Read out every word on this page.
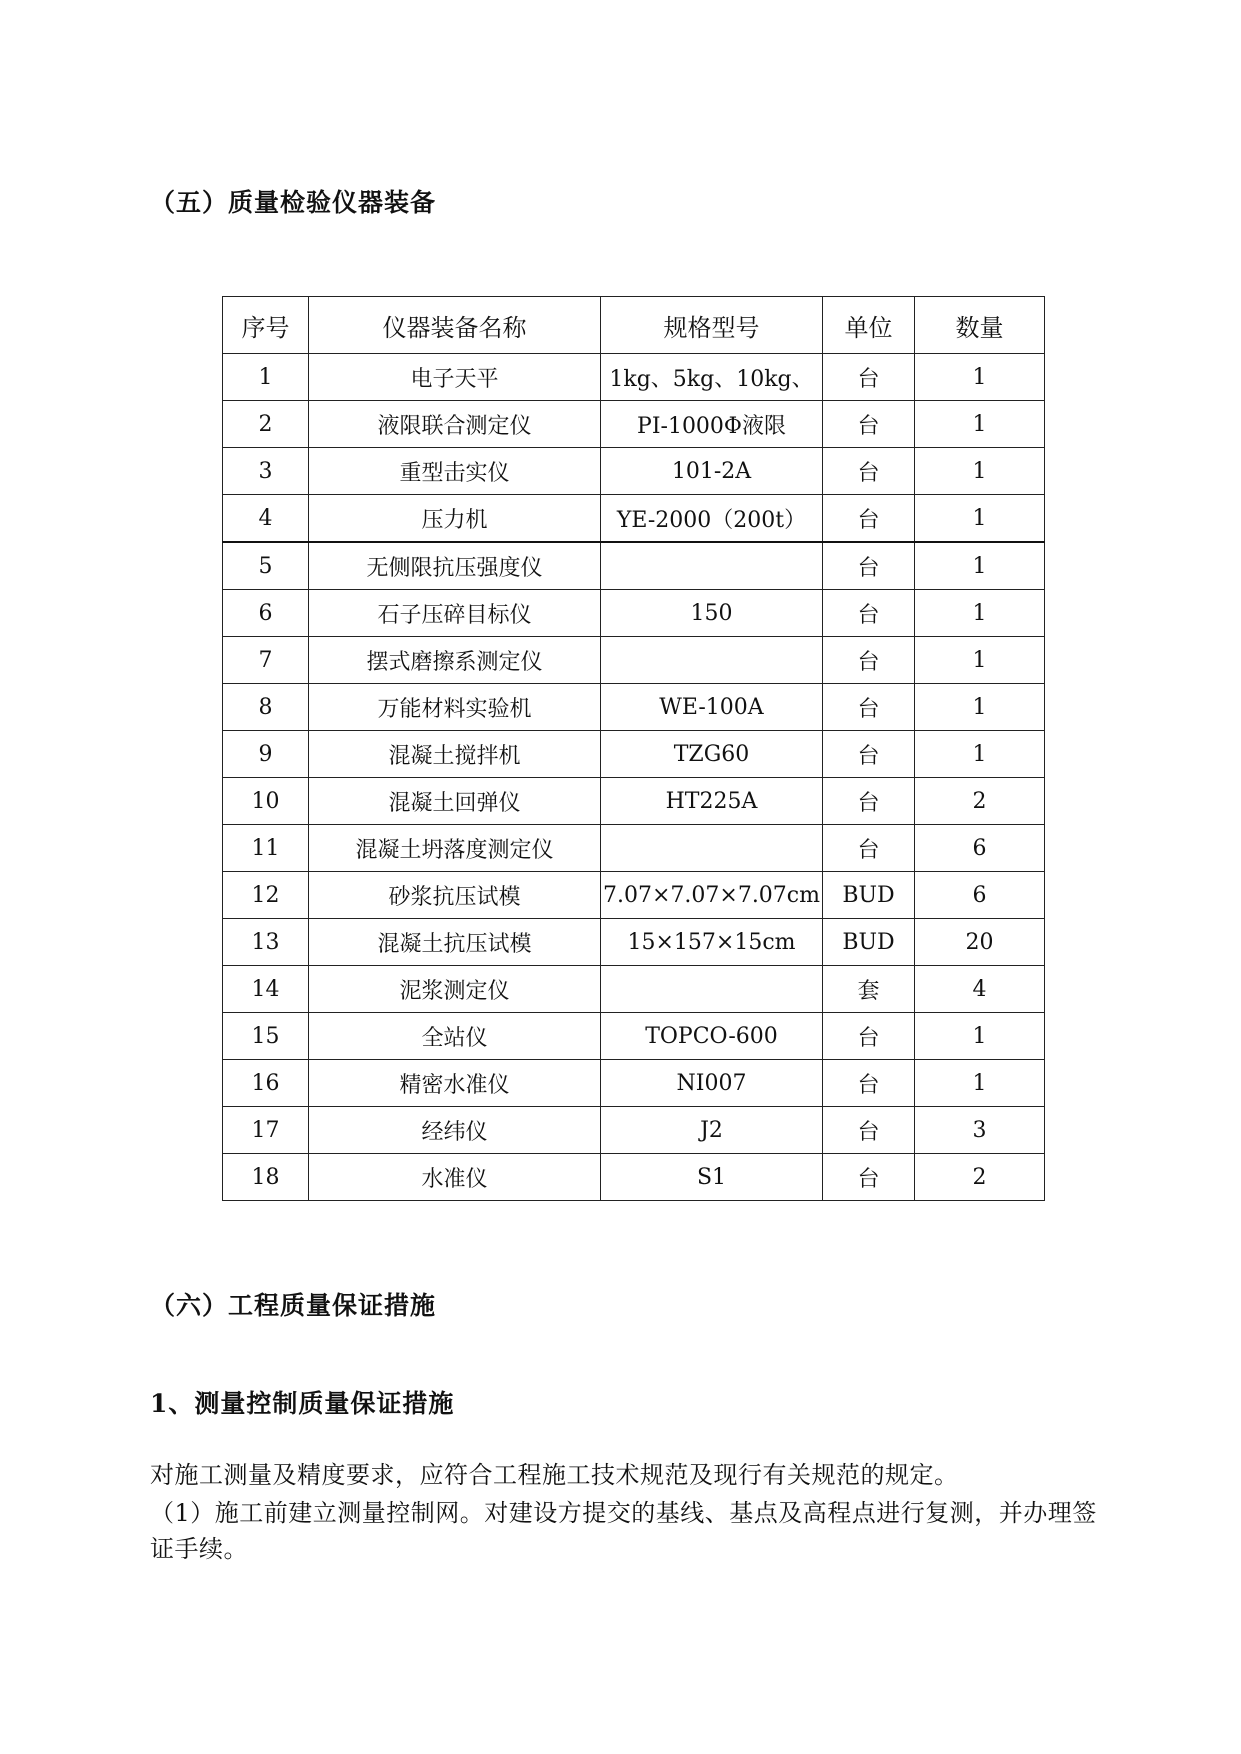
（五）质量检验仪器装备
序号	仪器装备名称	规格型号	单位	数量
1	电子天平	1kg、5kg、10kg、	台	1
2	液限联合测定仪	PI-1000Φ液限	台	1
3	重型击实仪	101-2A	台	1
4	压力机	YE-2000（200t）	台	1
5	无侧限抗压强度仪		台	1
6	石子压碎目标仪	150	台	1
7	摆式磨擦系测定仪		台	1
8	万能材料实验机	WE-100A	台	1
9	混凝土搅拌机	TZG60	台	1
10	混凝土回弹仪	HT225A	台	2
11	混凝土坍落度测定仪		台	6
12	砂浆抗压试模	7.07×7.07×7.07cm	BUD	6
13	混凝土抗压试模	15×157×15cm	BUD	20
14	泥浆测定仪		套	4
15	全站仪	TOPCO-600	台	1
16	精密水准仪	NI007	台	1
17	经纬仪	J2	台	3
18	水准仪	S1	台	2
（六）工程质量保证措施
1、测量控制质量保证措施
对施工测量及精度要求，应符合工程施工技术规范及现行有关规范的规定。
（1）施工前建立测量控制网。对建设方提交的基线、基点及高程点进行复测，并办理签证手续。
